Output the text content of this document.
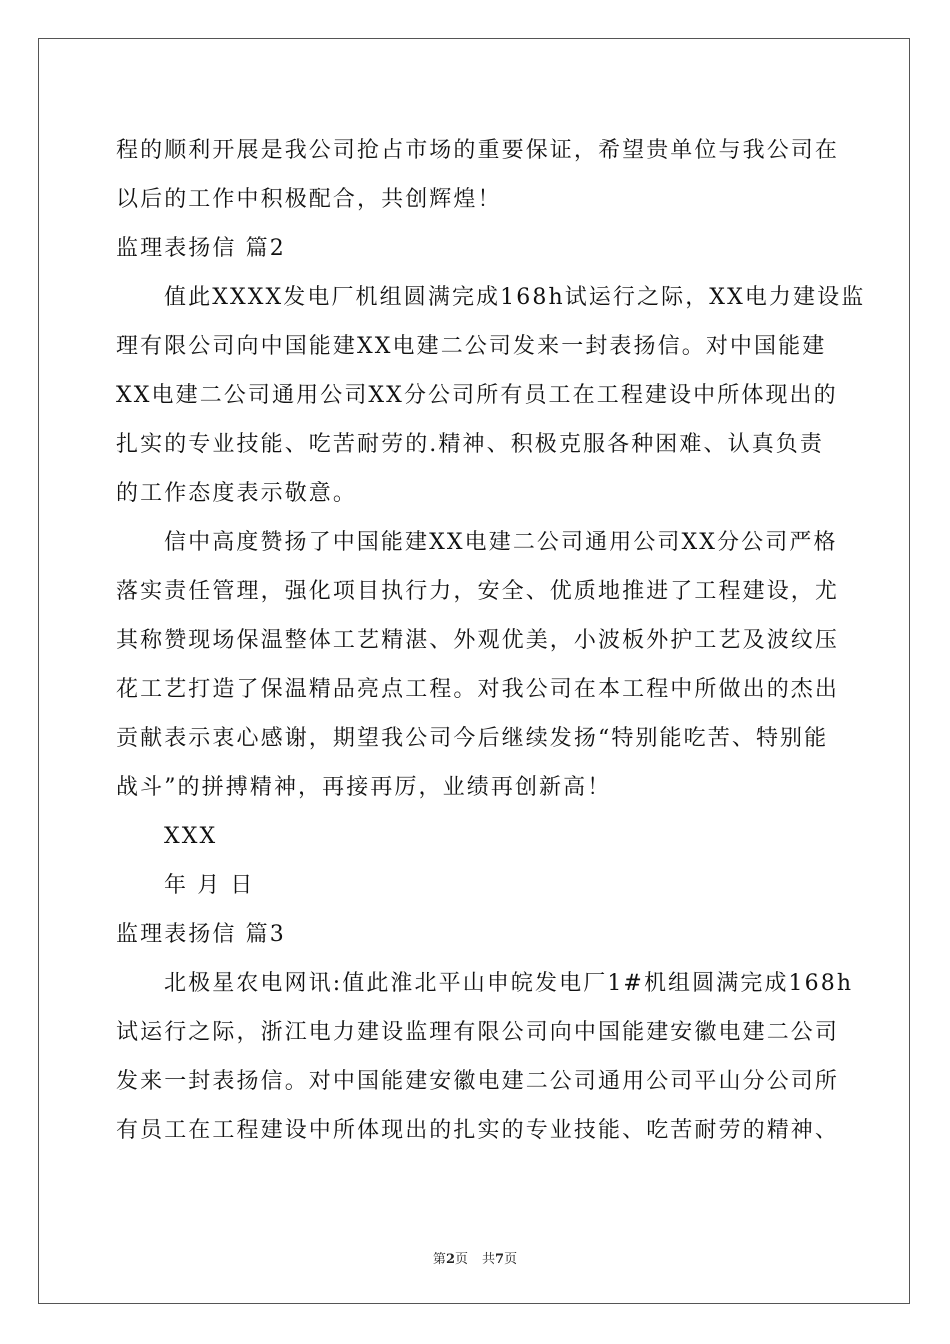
程的顺利开展是我公司抢占市场的重要保证，希望贵单位与我公司在
以后的工作中积极配合，共创辉煌！
监理表扬信 篇2
值此XXXX发电厂机组圆满完成168h试运行之际，XX电力建设监
理有限公司向中国能建XX电建二公司发来一封表扬信。对中国能建
XX电建二公司通用公司XX分公司所有员工在工程建设中所体现出的
扎实的专业技能、吃苦耐劳的.精神、积极克服各种困难、认真负责
的工作态度表示敬意。
信中高度赞扬了中国能建XX电建二公司通用公司XX分公司严格
落实责任管理，强化项目执行力，安全、优质地推进了工程建设，尤
其称赞现场保温整体工艺精湛、外观优美，小波板外护工艺及波纹压
花工艺打造了保温精品亮点工程。对我公司在本工程中所做出的杰出
贡献表示衷心感谢，期望我公司今后继续发扬“特别能吃苦、特别能
战斗”的拼搏精神，再接再厉，业绩再创新高！
XXX
年 月 日
监理表扬信 篇3
北极星农电网讯:值此淮北平山申皖发电厂1#机组圆满完成168h
试运行之际，浙江电力建设监理有限公司向中国能建安徽电建二公司
发来一封表扬信。对中国能建安徽电建二公司通用公司平山分公司所
有员工在工程建设中所体现出的扎实的专业技能、吃苦耐劳的精神、
第2页 共7页
